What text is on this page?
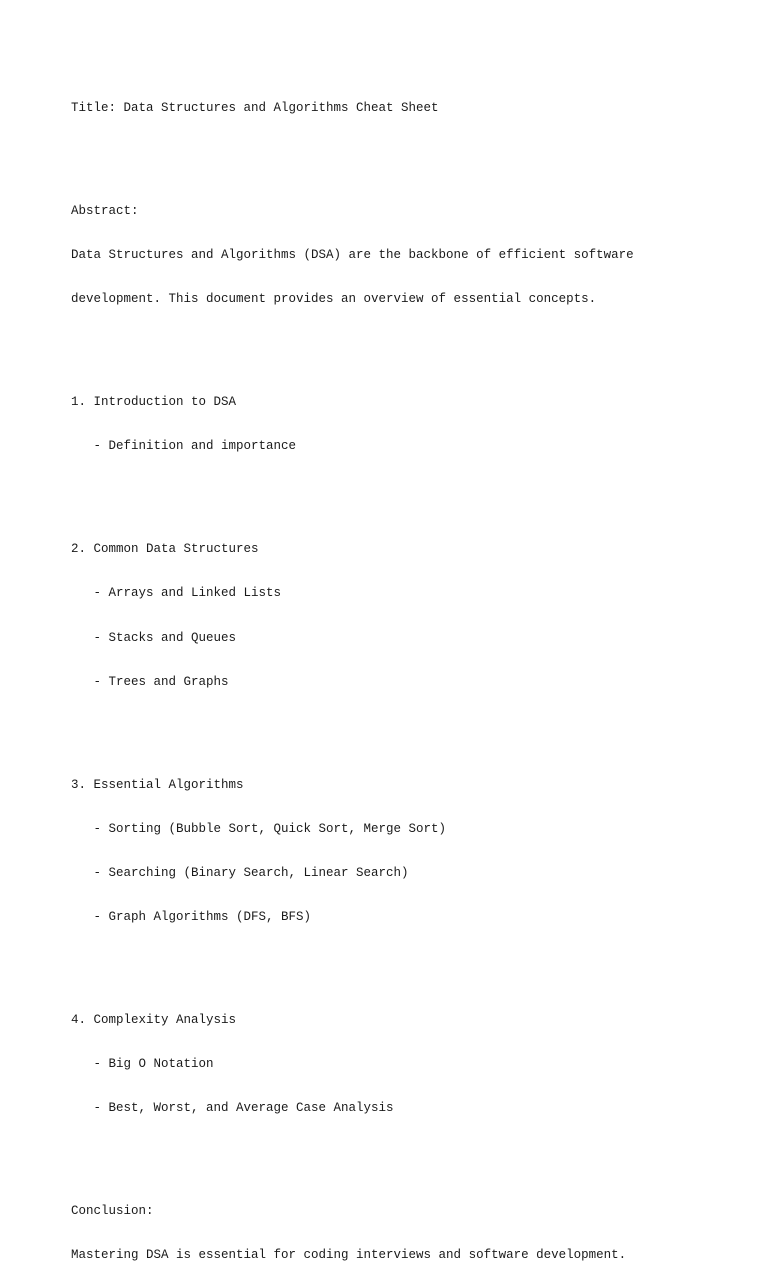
Title: Data Structures and Algorithms Cheat Sheet

Abstract:

Data Structures and Algorithms (DSA) are the backbone of efficient software

development. This document provides an overview of essential concepts.

1. Introduction to DSA

- Definition and importance

2. Common Data Structures

- Arrays and Linked Lists

- Stacks and Queues

- Trees and Graphs

3. Essential Algorithms

- Sorting (Bubble Sort, Quick Sort, Merge Sort)

- Searching (Binary Search, Linear Search)

- Graph Algorithms (DFS, BFS)

4. Complexity Analysis

- Big O Notation

- Best, Worst, and Average Case Analysis

Conclusion:

Mastering DSA is essential for coding interviews and software development.
